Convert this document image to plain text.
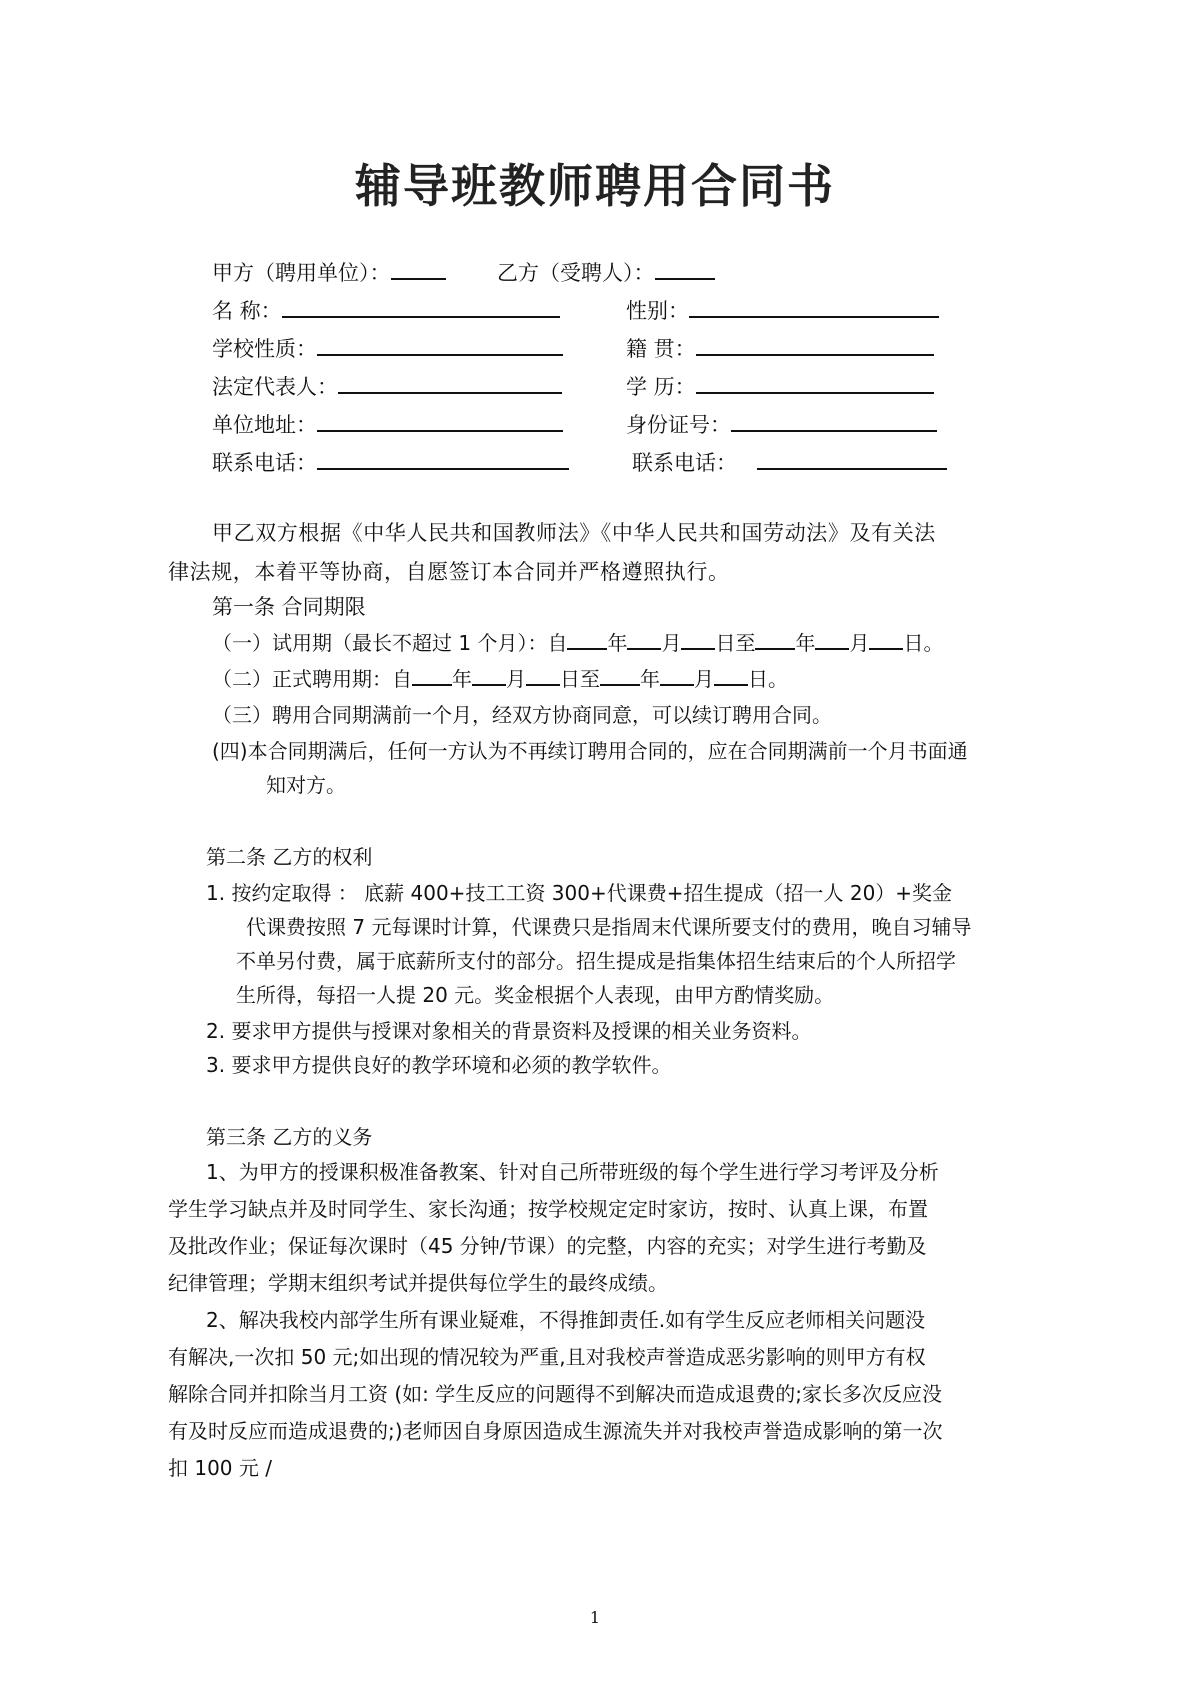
辅导班教师聘用合同书
甲方（聘用单位）：	乙方（受聘人）：
名 称：
学校性质：
法定代表人：
单位地址：
联系电话：
性别：
籍 贯：
学 历：
身份证号：
联系电话：
甲乙双方根据《中华人民共和国教师法》《中华人民共和国劳动法》及有关法律法规，本着平等协商，自愿签订本合同并严格遵照执行。
第一条 合同期限
（一）试用期（最长不超过 1 个月）：自 年 月 日至 年 月 日。
（二）正式聘用期：自 年 月 日至 年 月 日。
（三）聘用合同期满前一个月，经双方协商同意，可以续订聘用合同。
(四)本合同期满后，任何一方认为不再续订聘用合同的，应在合同期满前一个月书面通
知对方。
第二条 乙方的权利
1. 按约定取得 ： 底薪 400+技工工资 300+代课费+招生提成（招一人 20）+奖金
代课费按照 7 元每课时计算，代课费只是指周末代课所要支付的费用，晚自习辅导
不单另付费，属于底薪所支付的部分。招生提成是指集体招生结束后的个人所招学
生所得，每招一人提 20 元。奖金根据个人表现，由甲方酌情奖励。
2. 要求甲方提供与授课对象相关的背景资料及授课的相关业务资料。
3. 要求甲方提供良好的教学环境和必须的教学软件。
第三条 乙方的义务
1、为甲方的授课积极准备教案、针对自己所带班级的每个学生进行学习考评及分析学生学习缺点并及时同学生、家长沟通；按学校规定定时家访，按时、认真上课，布置及批改作业；保证每次课时（45 分钟/节课）的完整，内容的充实；对学生进行考勤及纪律管理；学期末组织考试并提供每位学生的最终成绩。
2、解决我校内部学生所有课业疑难，不得推卸责任.如有学生反应老师相关问题没有解决,一次扣 50 元;如出现的情况较为严重,且对我校声誉造成恶劣影响的则甲方有权解除合同并扣除当月工资 (如: 学生反应的问题得不到解决而造成退费的;家长多次反应没有及时反应而造成退费的;)老师因自身原因造成生源流失并对我校声誉造成影响的第一次扣 100 元 /
1
